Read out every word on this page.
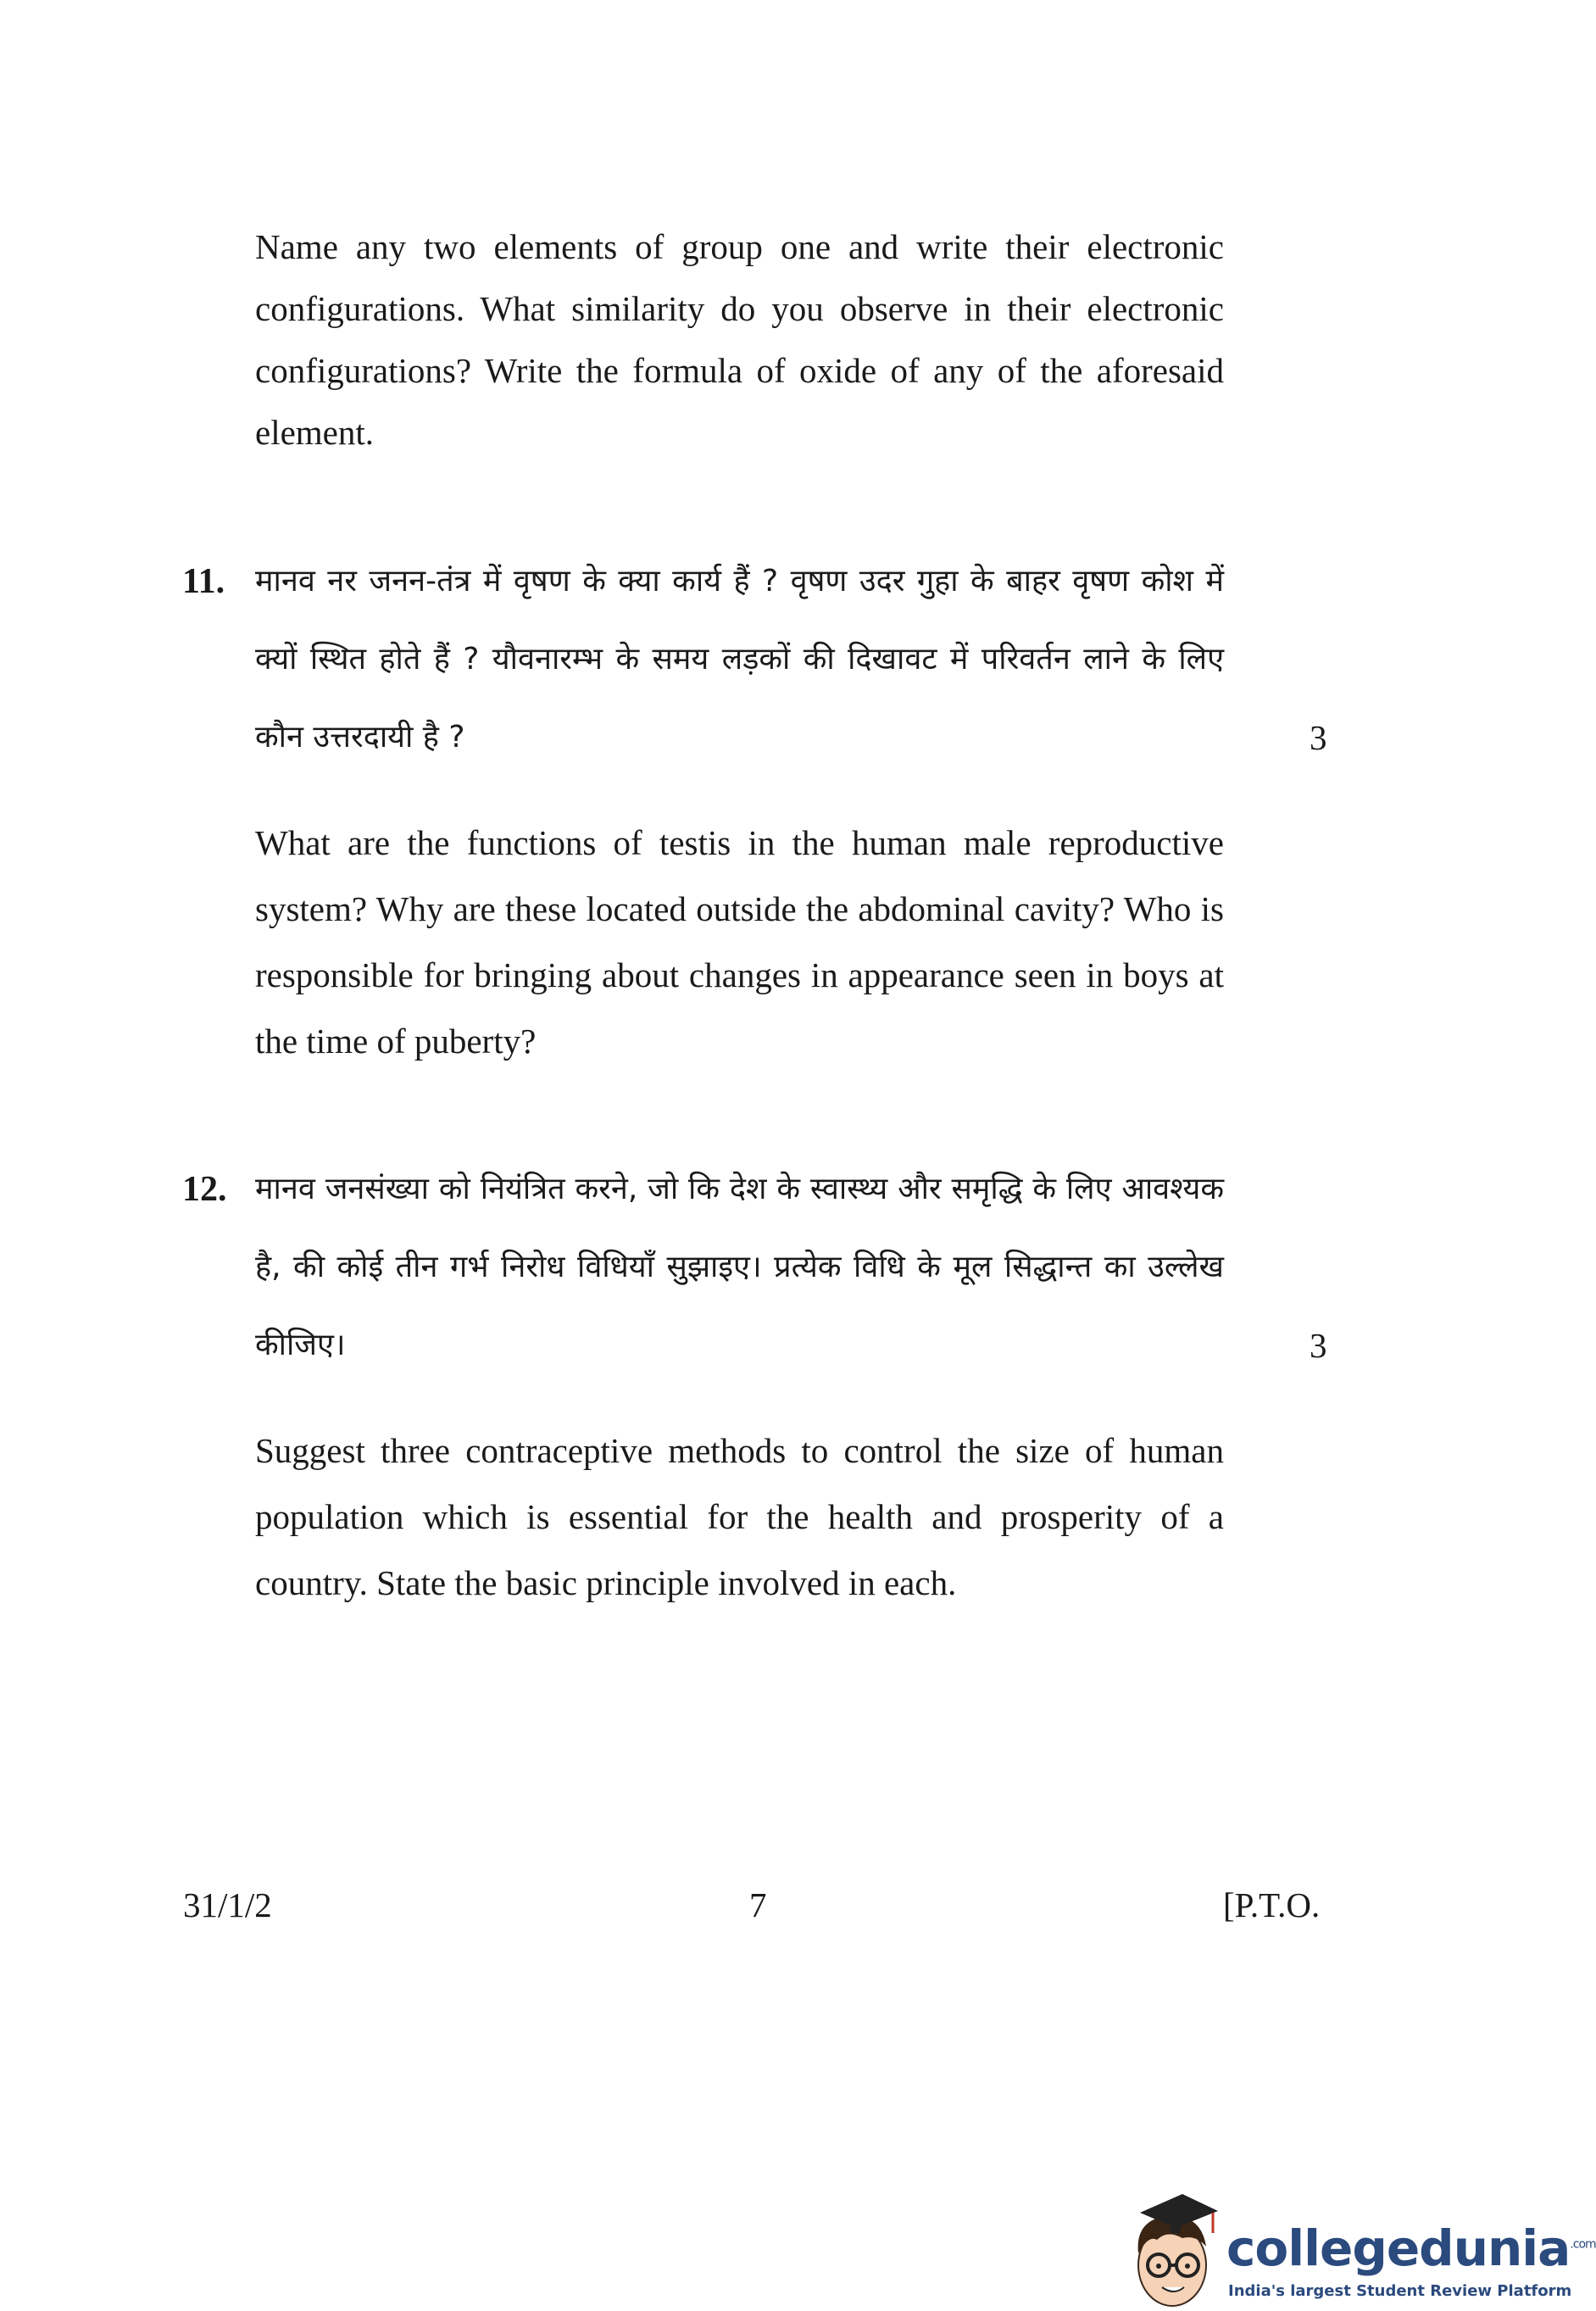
Name any two elements of group one and write their electronic configurations. What similarity do you observe in their electronic configurations? Write the formula of oxide of any of the aforesaid element.

11. मानव नर जनन-तंत्र में वृषण के क्या कार्य हैं ? वृषण उदर गुहा के बाहर वृषण कोश में क्यों स्थित होते हैं ? यौवनारम्भ के समय लड़कों की दिखावट में परिवर्तन लाने के लिए कौन उत्तरदायी है ?	3

What are the functions of testis in the human male reproductive system? Why are these located outside the abdominal cavity? Who is responsible for bringing about changes in appearance seen in boys at the time of puberty?

12. मानव जनसंख्या को नियंत्रित करने, जो कि देश के स्वास्थ्य और समृद्धि के लिए आवश्यक है, की कोई तीन गर्भ निरोध विधियाँ सुझाइए। प्रत्येक विधि के मूल सिद्धान्त का उल्लेख कीजिए।	3

Suggest three contraceptive methods to control the size of human population which is essential for the health and prosperity of a country. State the basic principle involved in each.

31/1/2	7	[P.T.O.
collegedunia$^{.com}$
India's largest Student Review Platform
